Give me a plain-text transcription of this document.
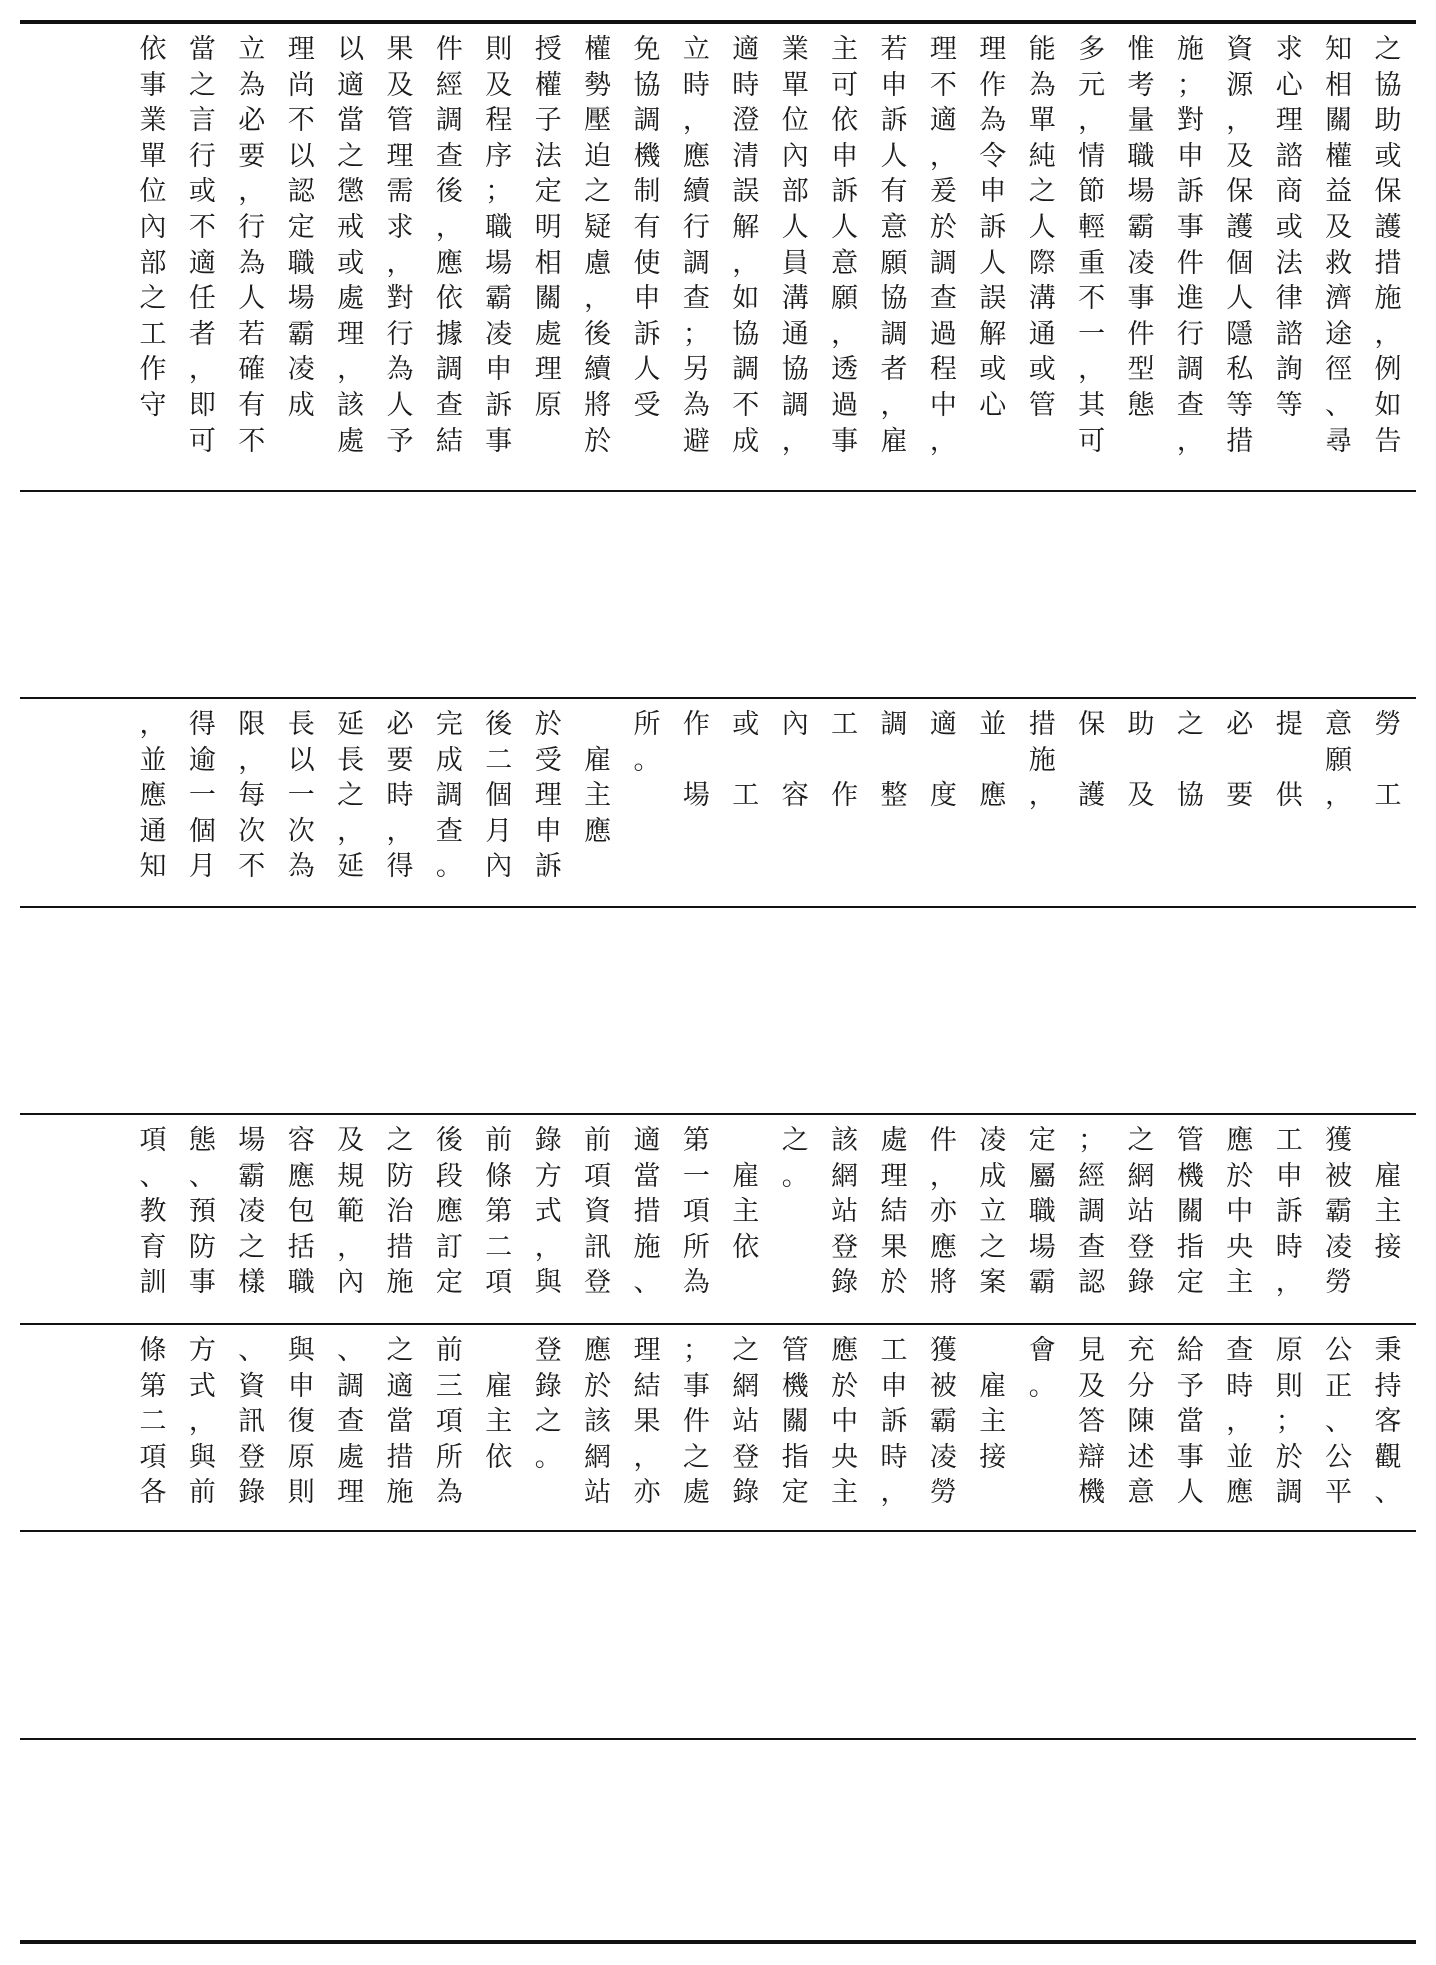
之
協
助
或
保
護
措
施
，
例
如
告
知
相
關
權
益
及
救
濟
途
徑
、
尋
求
心
理
諮
商
或
法
律
諮
詢
等
資
源
，
及
保
護
個
人
隱
私
等
措
施
；
對
申
訴
事
件
進
行
調
查
，
惟
考
量
職
場
霸
凌
事
件
型
態
多
元
，
情
節
輕
重
不
一
，
其
可
能
為
單
純
之
人
際
溝
通
或
管
理
作
為
令
申
訴
人
誤
解
或
心
理
不
適
，
爰
於
調
查
過
程
中
，
若
申
訴
人
有
意
願
協
調
者
，
雇
主
可
依
申
訴
人
意
願
，
透
過
事
業
單
位
內
部
人
員
溝
通
協
調
，
適
時
澄
清
誤
解
，
如
協
調
不
成
立
時
，
應
續
行
調
查
；
另
為
避
免
協
調
機
制
有
使
申
訴
人
受
權
勢
壓
迫
之
疑
慮
，
後
續
將
於
授
權
子
法
定
明
相
關
處
理
原
則
及
程
序
；
職
場
霸
凌
申
訴
事
件
經
調
查
後
，
應
依
據
調
查
結
果
及
管
理
需
求
，
對
行
為
人
予
以
適
當
之
懲
戒
或
處
理
，
該
處
理
尚
不
以
認
定
職
場
霸
凌
成
立
為
必
要
，
行
為
人
若
確
有
不
當
之
言
行
或
不
適
任
者
，
即
可
依
事
業
單
位
內
部
之
工
作
守
勞

工
意
願
，
提

供
必

要
之

協
助

及
保

護
措
施
，
並

應
適

度
調

整
工

作
內

容
或

工
作

場
所
。

雇
主
應
於
受
理
申
訴
後
二
個
月
內
完
成
調
查
。
必
要
時
，
得
延
長
之
，
延
長
以
一
次
為
限
，
每
次
不
得
逾
一
個
月
，
並
應
通
知

雇
主
接
獲
被
霸
凌
勞
工
申
訴
時
，
應
於
中
央
主
管
機
關
指
定
之
網
站
登
錄
；
經
調
查
認
定
屬
職
場
霸
凌
成
立
之
案
件
，
亦
應
將
處
理
結
果
於
該
網
站
登
錄
之
。

雇
主
依
第
一
項
所
為
適
當
措
施
、
前
項
資
訊
登
錄
方
式
，
與
前
條
第
二
項
後
段
應
訂
定
之
防
治
措
施
及
規
範
，
內
容
應
包
括
職
場
霸
凌
之
樣
態
、
預
防
事
項
、
教
育
訓
秉
持
客
觀
、
公
正
、
公
平
原
則
；
於
調
查
時
，
並
應
給
予
當
事
人
充
分
陳
述
意
見
及
答
辯
機
會
。

雇
主
接
獲
被
霸
凌
勞
工
申
訴
時
，
應
於
中
央
主
管
機
關
指
定
之
網
站
登
錄
；
事
件
之
處
理
結
果
，
亦
應
於
該
網
站
登
錄
之
。

雇
主
依
前
三
項
所
為
之
適
當
措
施
、
調
查
處
理
與
申
復
原
則
、
資
訊
登
錄
方
式
，
與
前
條
第
二
項
各
